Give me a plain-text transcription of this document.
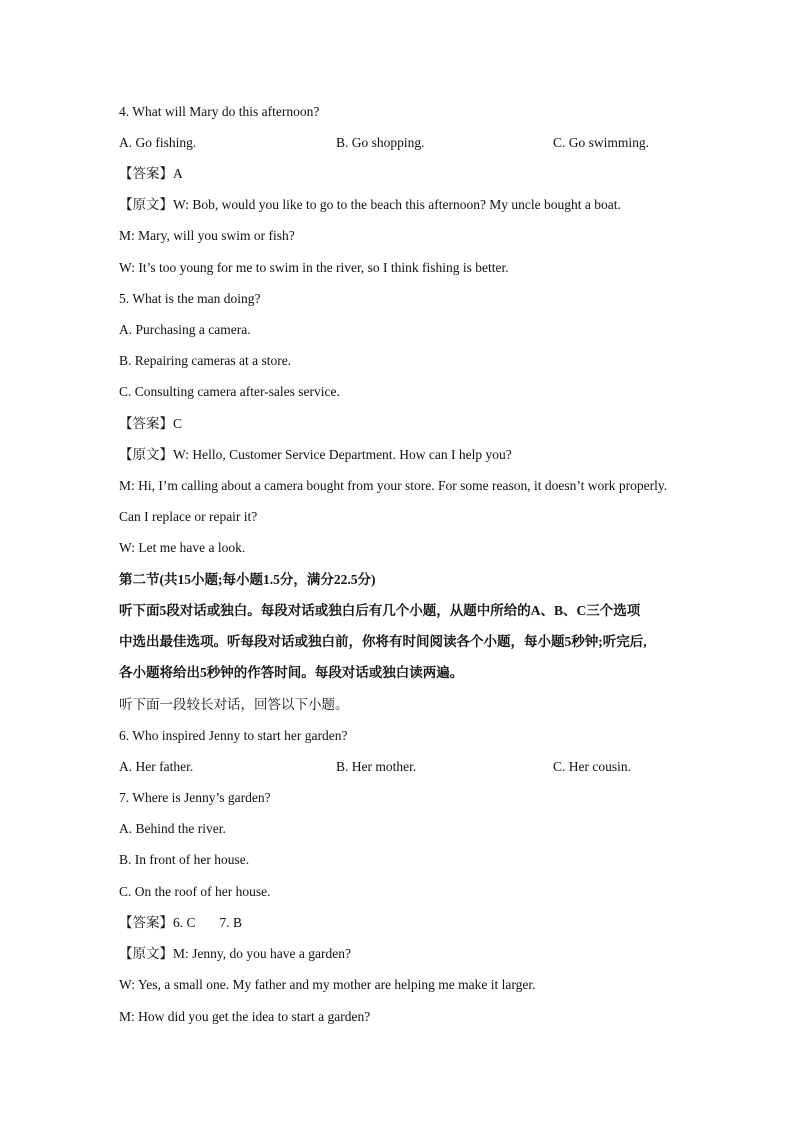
4. What will Mary do this afternoon?

A. Go fishing.	B. Go shopping.	C. Go swimming.

【答案】A

【原文】W: Bob, would you like to go to the beach this afternoon? My uncle bought a boat.

M: Mary, will you swim or fish?

W: It’s too young for me to swim in the river, so I think fishing is better.

5. What is the man doing?

A. Purchasing a camera.

B. Repairing cameras at a store.

C. Consulting camera after-sales service.

【答案】C

【原文】W: Hello, Customer Service Department. How can I help you?

M: Hi, I’m calling about a camera bought from your store. For some reason, it doesn’t work properly.

Can I replace or repair it?

W: Let me have a look.

第二节(共15小题;每小题1.5分，满分22.5分)

听下面5段对话或独白。每段对话或独白后有几个小题，从题中所给的A、B、C三个选项

中选出最佳选项。听每段对话或独白前，你将有时间阅读各个小题，每小题5秒钟;听完后,

各小题将给出5秒钟的作答时间。每段对话或独白读两遍。

听下面一段较长对话，回答以下小题。

6. Who inspired Jenny to start her garden?

A. Her father.	B. Her mother.	C. Her cousin.

7. Where is Jenny’s garden?

A. Behind the river.

B. In front of her house.

C. On the roof of her house.

【答案】6. C 7. B

【原文】M: Jenny, do you have a garden?

W: Yes, a small one. My father and my mother are helping me make it larger.

M: How did you get the idea to start a garden?
